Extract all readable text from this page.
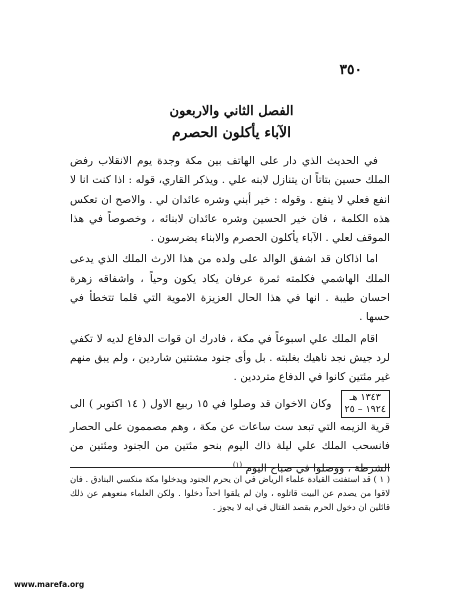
٣٥٠
الفصل الثاني والاربعون
الآباء يأكلون الحصرم

في الحديث الذي دار على الهاتف بين مكة وجدة يوم الانقلاب رفض الملك حسين بتاتاً ان يتنازل لابنه علي . ويذكر القاري، قوله : اذا كنت انا لا انفع فعلي لا ينفع . وقوله : خير أبني وشره عائدان لي . والاصح ان تعكس هذه الكلمة ، فان خير الحسين وشره عائدان لابنائه ، وخصوصاً في هذا الموقف لعلي . الآباء يأكلون الحصرم والابناء يضرسون .

اما اذاكان قد اشفق الوالد على ولده من هذا الارث الملك الذي يدعى الملك الهاشمي فكلمته ثمرة عرفان يكاد يكون وحياً ، واشفاقه زهرة احسان طيبة . انها في هذا الحال العزيزة الاموية التي قلما تتخطأ في حسها .

اقام الملك علي اسبوعاً في مكة ، فادرك ان قوات الدفاع لديه لا تكفي لرد جيش نجد ناهيك بغلبته . بل وأى جنود مشتتين شاردين ، ولم يبق منهم غير مئتين كانوا في الدفاع مترددين .

١٣٤٣ هـ
١٩٢٤ – ٢٥ وكان الاخوان قد وصلوا في ١٥ ربيع الاول ( ١٤ اكتوبر ) الى قرية الزيمه التي تبعد ست ساعات عن مكة ، وهم مصممون على الحصار فانسحب الملك علي ليلة ذاك اليوم بنحو مئتين من الجنود ومئتين من الشرطة ، ووصلوا في صباح اليوم $^{(١)}$

( ١ ) قد استفتت القيادة علماء الرياض في ان يحرم الجنود ويدخلوا مكة منكسي البنادق . فان لاقوا من يصدم عن البيت قاتلوه ، وان لم يلقوا احداً دخلوا . ولكن العلماء منعوهم عن ذلك قائلين ان دخول الحرم بقصد القتال في ايه لا يجوز .
www.marefa.org
